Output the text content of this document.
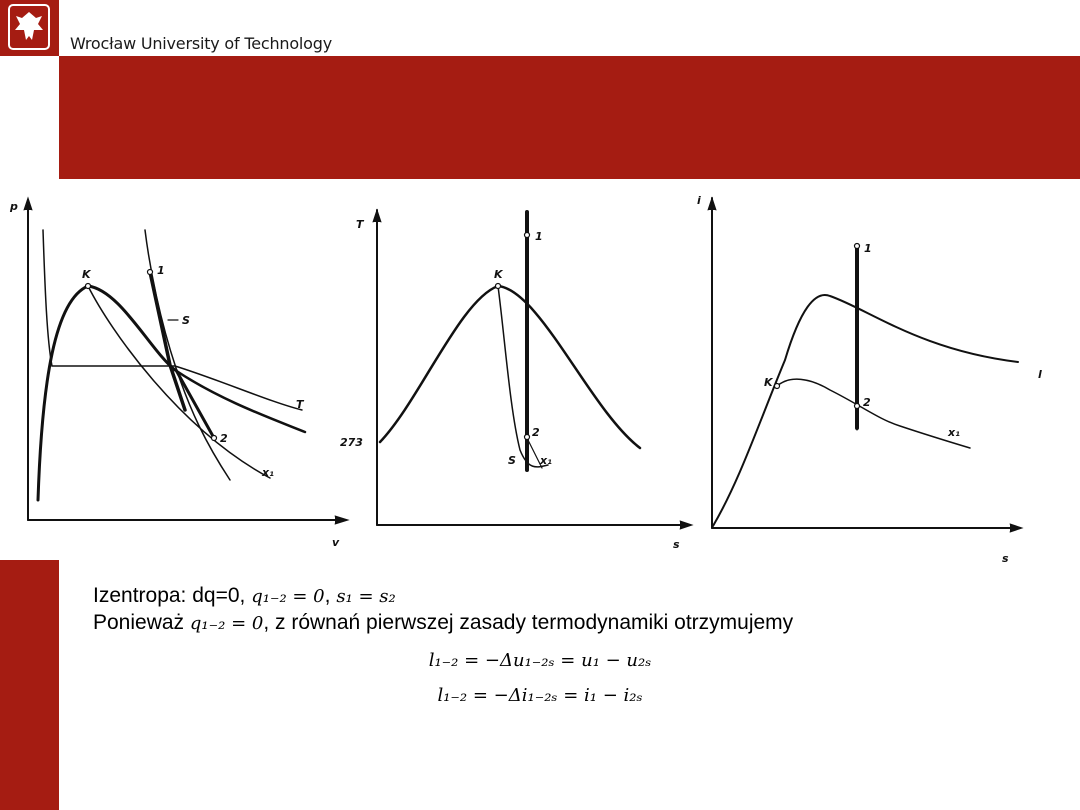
Wrocław University of Technology
p
v
K	1
S
2
T
x₁
T
s
273
K
1
2
S x₁
i
s
K
1
2
x₁
l
Izentropa: dq=0, q₁₋₂ = 0, s₁ = s₂
Ponieważ q₁₋₂ = 0, z równań pierwszej zasady termodynamiki otrzymujemy
l₁₋₂ = −Δu₁₋₂ₛ = u₁ − u₂ₛ
l₁₋₂ = −Δi₁₋₂ₛ = i₁ − i₂ₛ
